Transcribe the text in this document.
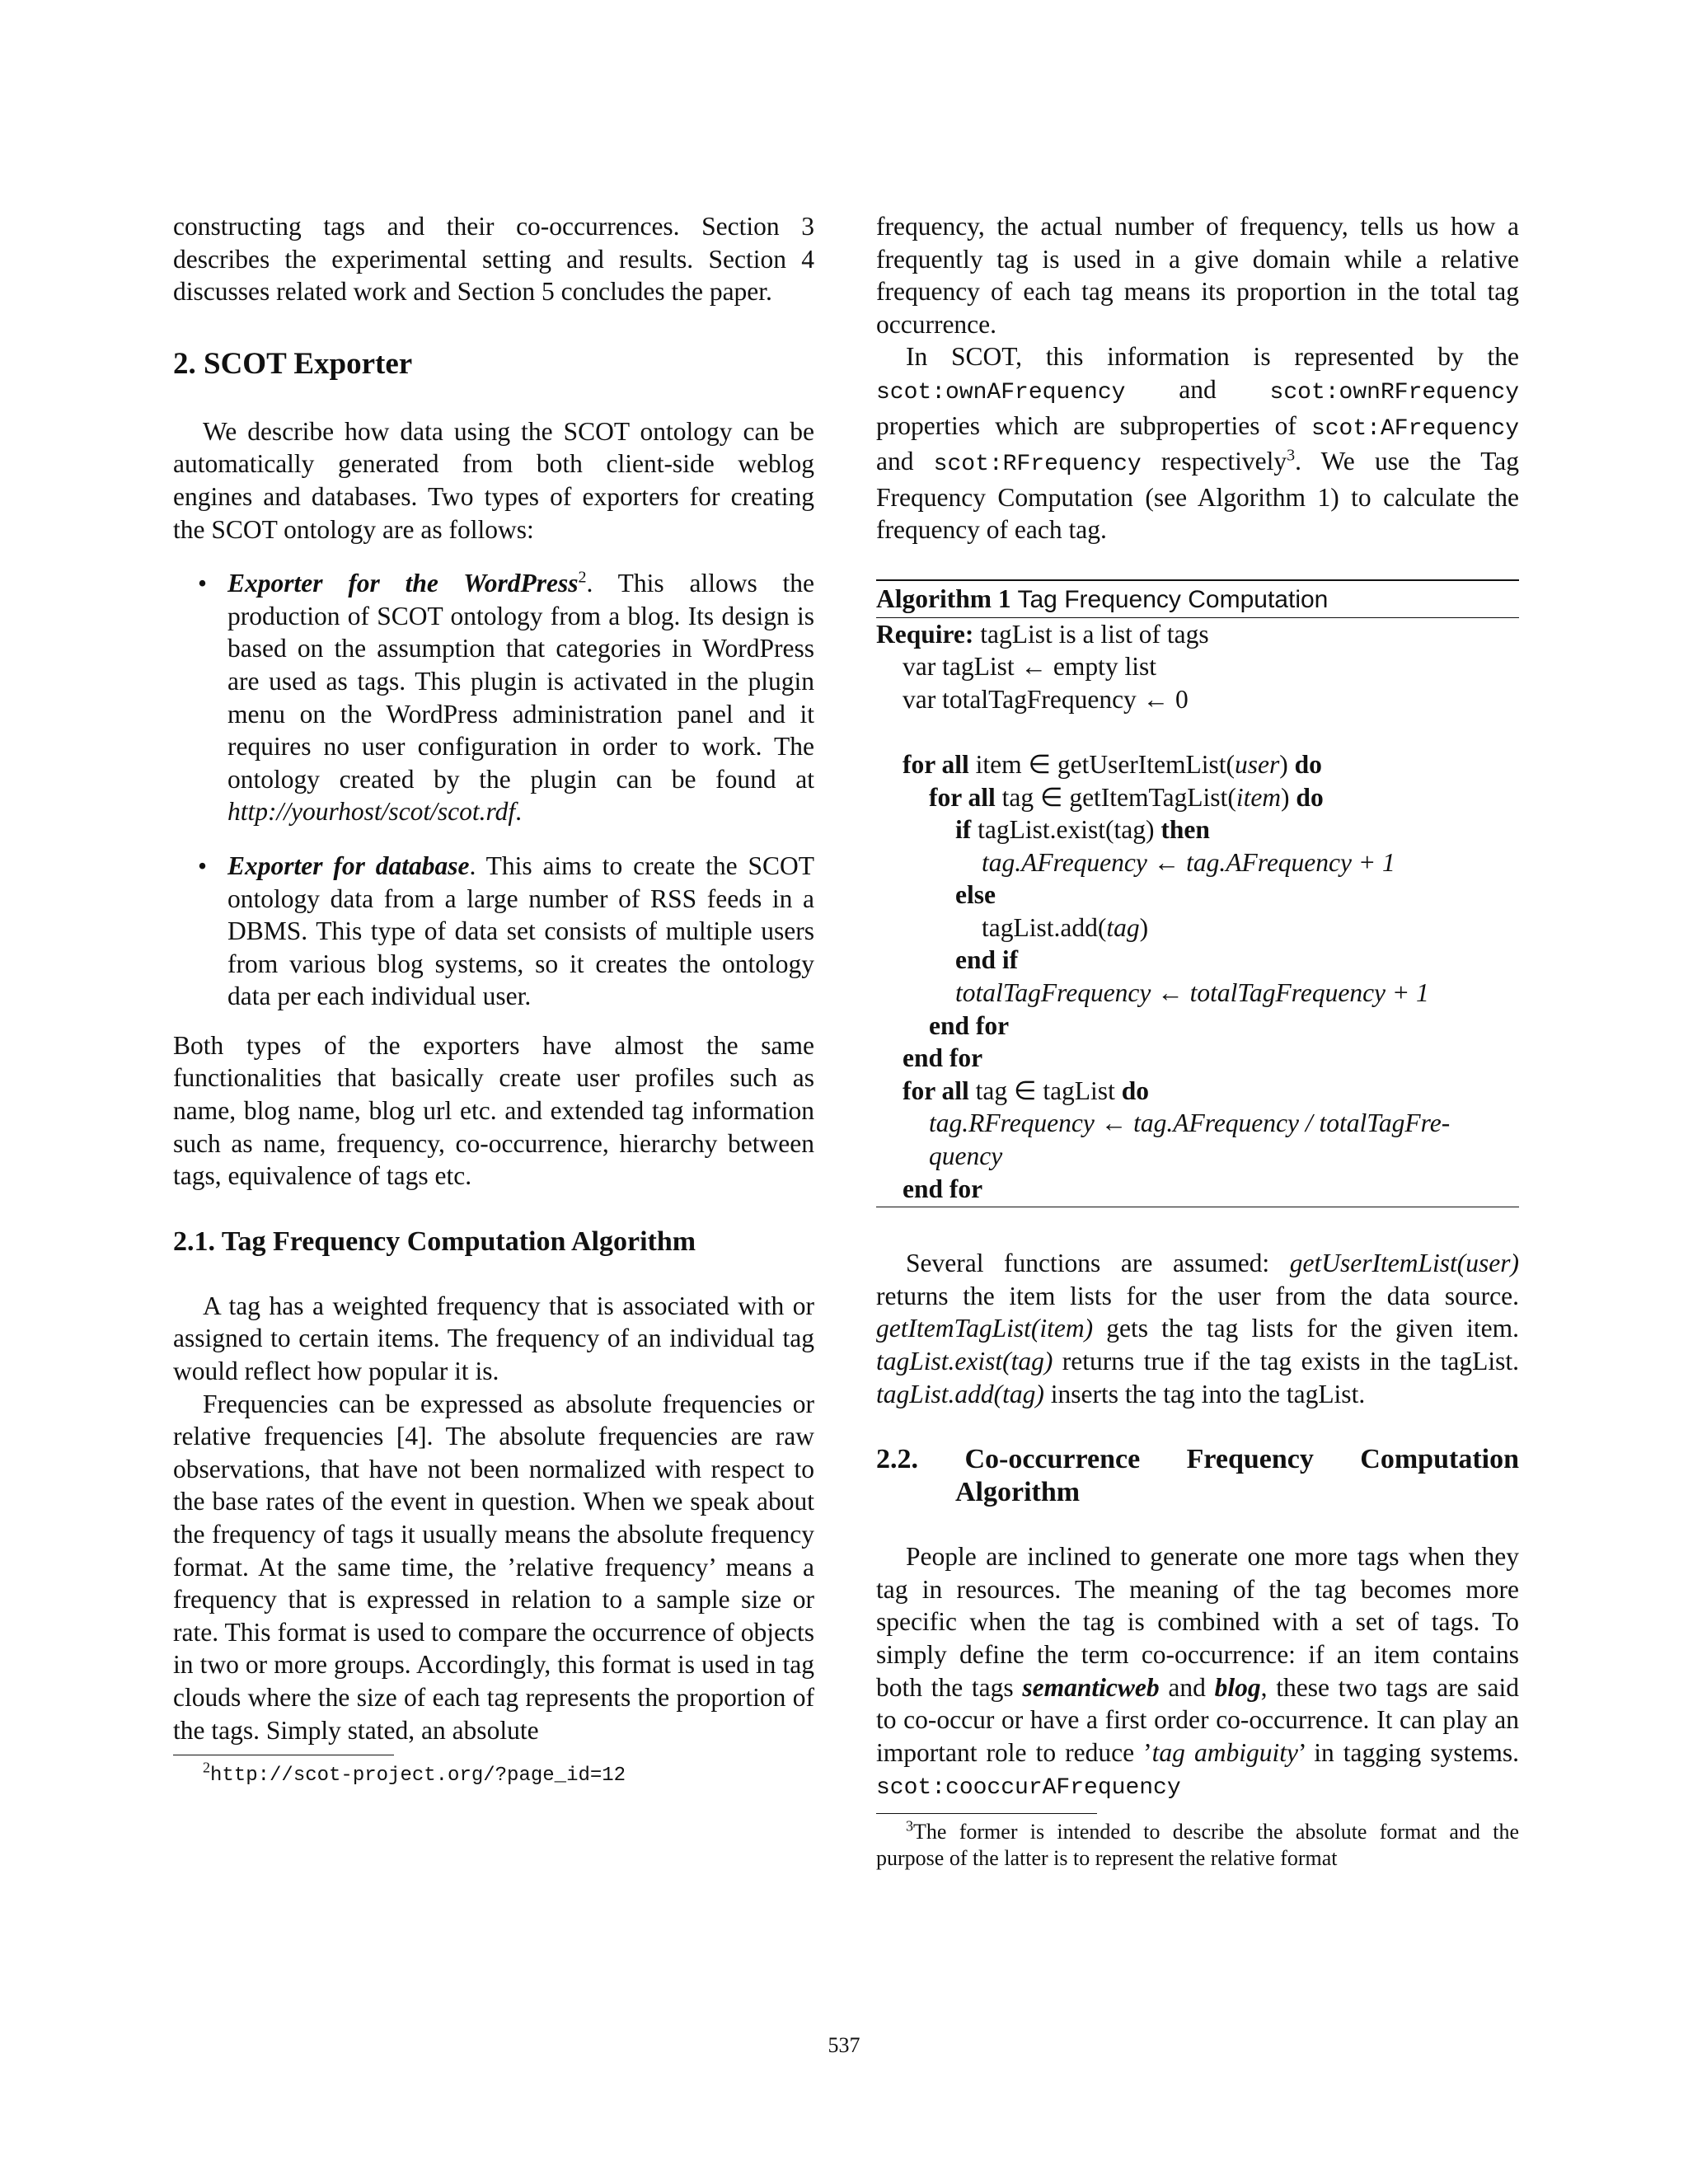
constructing tags and their co-occurrences. Section 3 describes the experimental setting and results. Section 4 discusses related work and Section 5 concludes the paper.

2. SCOT Exporter

We describe how data using the SCOT ontology can be automatically generated from both client-side weblog engines and databases. Two types of exporters for creating the SCOT ontology are as follows:

• Exporter for the WordPress$^2$. This allows the production of SCOT ontology from a blog. Its design is based on the assumption that categories in WordPress are used as tags. This plugin is activated in the plugin menu on the WordPress administration panel and it requires no user configuration in order to work. The ontology created by the plugin can be found at http://yourhost/scot/scot.rdf.
• Exporter for database. This aims to create the SCOT ontology data from a large number of RSS feeds in a DBMS. This type of data set consists of multiple users from various blog systems, so it creates the ontology data per each individual user.

Both types of the exporters have almost the same functionalities that basically create user profiles such as name, blog name, blog url etc. and extended tag information such as name, frequency, co-occurrence, hierarchy between tags, equivalence of tags etc.

2.1. Tag Frequency Computation Algorithm

A tag has a weighted frequency that is associated with or assigned to certain items. The frequency of an individual tag would reflect how popular it is.

Frequencies can be expressed as absolute frequencies or relative frequencies [4]. The absolute frequencies are raw observations, that have not been normalized with respect to the base rates of the event in question. When we speak about the frequency of tags it usually means the absolute frequency format. At the same time, the ’relative frequency’ means a frequency that is expressed in relation to a sample size or rate. This format is used to compare the occurrence of objects in two or more groups. Accordingly, this format is used in tag clouds where the size of each tag represents the proportion of the tags. Simply stated, an absolute

$^2$http://scot-project.org/?page_id=12

frequency, the actual number of frequency, tells us how a frequently tag is used in a give domain while a relative frequency of each tag means its proportion in the total tag occurrence.

In SCOT, this information is represented by the scot:ownAFrequency and scot:ownRFrequency properties which are subproperties of scot:AFrequency and scot:RFrequency respectively$^3$. We use the Tag Frequency Computation (see Algorithm 1) to calculate the frequency of each tag.

Algorithm 1 Tag Frequency Computation
Require: tagList is a list of tags
var tagList ← empty list
var totalTagFrequency ← 0
for all item ∈ getUserItemList(user) do
for all tag ∈ getItemTagList(item) do
if tagList.exist(tag) then
tag.AFrequency ← tag.AFrequency + 1
else
tagList.add(tag)
end if
totalTagFrequency ← totalTagFrequency + 1
end for
end for
for all tag ∈ tagList do
tag.RFrequency ← tag.AFrequency / totalTagFre-
quency
end for

Several functions are assumed: getUserItemList(user) returns the item lists for the user from the data source. getItemTagList(item) gets the tag lists for the given item. tagList.exist(tag) returns true if the tag exists in the tagList. tagList.add(tag) inserts the tag into the tagList.

2.2. Co-occurrence Frequency Computation Algorithm

People are inclined to generate one more tags when they tag in resources. The meaning of the tag becomes more specific when the tag is combined with a set of tags. To simply define the term co-occurrence: if an item contains both the tags semanticweb and blog, these two tags are said to co-occur or have a first order co-occurrence. It can play an important role to reduce ’tag ambiguity’ in tagging systems. scot:cooccurAFrequency

$^3$The former is intended to describe the absolute format and the purpose of the latter is to represent the relative format

537
